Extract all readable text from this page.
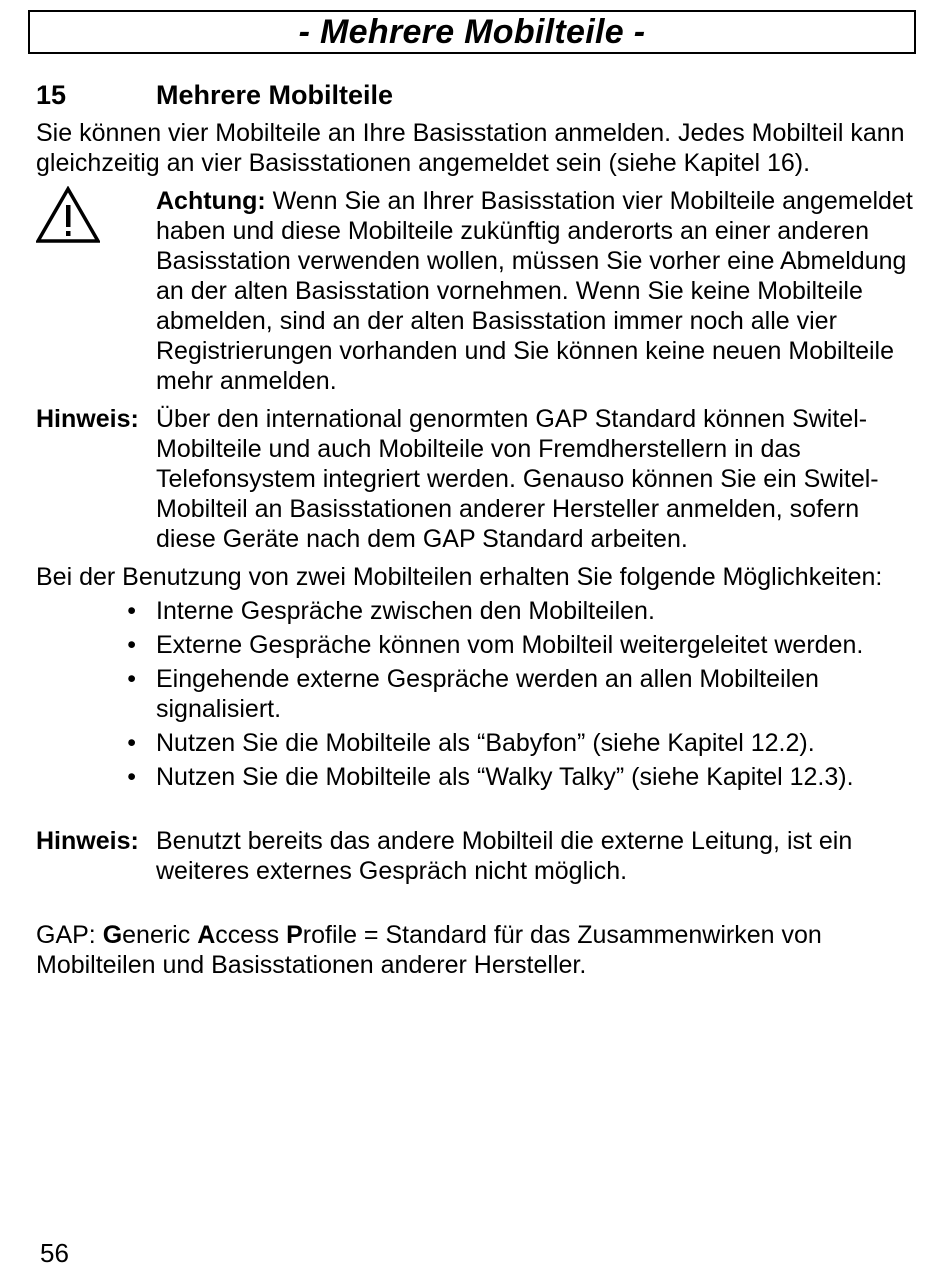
- Mehrere Mobilteile -
15	Mehrere Mobilteile

Sie können vier Mobilteile an Ihre Basisstation anmelden. Jedes Mobilteil kann gleichzeitig an vier Basisstationen angemeldet sein (siehe Kapitel 16).

Achtung: Wenn Sie an Ihrer Basisstation vier Mobilteile angemeldet haben und diese Mobilteile zukünftig anderorts an einer anderen Basisstation verwenden wollen, müssen Sie vorher eine Abmeldung an der alten Basisstation vornehmen. Wenn Sie keine Mobilteile abmelden, sind an der alten Basisstation immer noch alle vier Registrierungen vorhanden und Sie können keine neuen Mobilteile mehr anmelden.
Hinweis: Über den international genormten GAP Standard können Switel-Mobilteile und auch Mobilteile von Fremdherstellern in das Telefonsystem integriert werden. Genauso können Sie ein Switel-Mobilteil an Basisstationen anderer Hersteller anmelden, sofern diese Geräte nach dem GAP Standard arbeiten.

Bei der Benutzung von zwei Mobilteilen erhalten Sie folgende Möglichkeiten:

• Interne Gespräche zwischen den Mobilteilen.
• Externe Gespräche können vom Mobilteil weitergeleitet werden.
• Eingehende externe Gespräche werden an allen Mobilteilen signalisiert.
• Nutzen Sie die Mobilteile als “Babyfon” (siehe Kapitel 12.2).
• Nutzen Sie die Mobilteile als “Walky Talky” (siehe Kapitel 12.3).
Hinweis: Benutzt bereits das andere Mobilteil die externe Leitung, ist ein weiteres externes Gespräch nicht möglich.

GAP: Generic Access Profile = Standard für das Zusammenwirken von Mobilteilen und Basisstationen anderer Hersteller.

56
